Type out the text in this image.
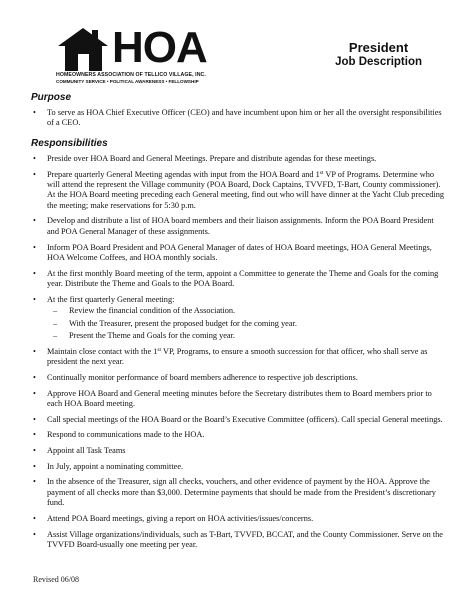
HOA
HOMEOWNERS ASSOCIATION OF TELLICO VILLAGE, INC.
COMMUNITY SERVICE • POLITICAL AWARENESS • FELLOWSHIP
President
Job Description
Purpose
• To serve as HOA Chief Executive Officer (CEO) and have incumbent upon him or her all the oversight responsibilities of a CEO.
Responsibilities
• Preside over HOA Board and General Meetings. Prepare and distribute agendas for these meetings.
• Prepare quarterly General Meeting agendas with input from the HOA Board and 1st VP of Programs. Determine who will attend the represent the Village community (POA Board, Dock Captains, TVVFD, T-Bart, County commissioner). At the HOA Board meeting preceding each General meeting, find out who will have dinner at the Yacht Club preceding the meeting; make reservations for 5:30 p.m.
• Develop and distribute a list of HOA board members and their liaison assignments. Inform the POA Board President and POA General Manager of these assignments.
• Inform POA Board President and POA General Manager of dates of HOA Board meetings, HOA General Meetings, HOA Welcome Coffees, and HOA monthly socials.
• At the first monthly Board meeting of the term, appoint a Committee to generate the Theme and Goals for the coming year. Distribute the Theme and Goals to the POA Board.
• At the first quarterly General meeting:
– Review the financial condition of the Association.
– With the Treasurer, present the proposed budget for the coming year.
– Present the Theme and Goals for the coming year.
• Maintain close contact with the 1st VP, Programs, to ensure a smooth succession for that officer, who shall serve as president the next year.
• Continually monitor performance of board members adherence to respective job descriptions.
• Approve HOA Board and General meeting minutes before the Secretary distributes them to Board members prior to each HOA Board meeting.
• Call special meetings of the HOA Board or the Board’s Executive Committee (officers). Call special General meetings.
• Respond to communications made to the HOA.
• Appoint all Task Teams
• In July, appoint a nominating committee.
• In the absence of the Treasurer, sign all checks, vouchers, and other evidence of payment by the HOA. Approve the payment of all checks more than $3,000. Determine payments that should be made from the President’s discretionary fund.
• Attend POA Board meetings, giving a report on HOA activities/issues/concerns.
• Assist Village organizations/individuals, such as T-Bart, TVVFD, BCCAT, and the County Commissioner. Serve on the TVVFD Board-usually one meeting per year.
Revised 06/08
